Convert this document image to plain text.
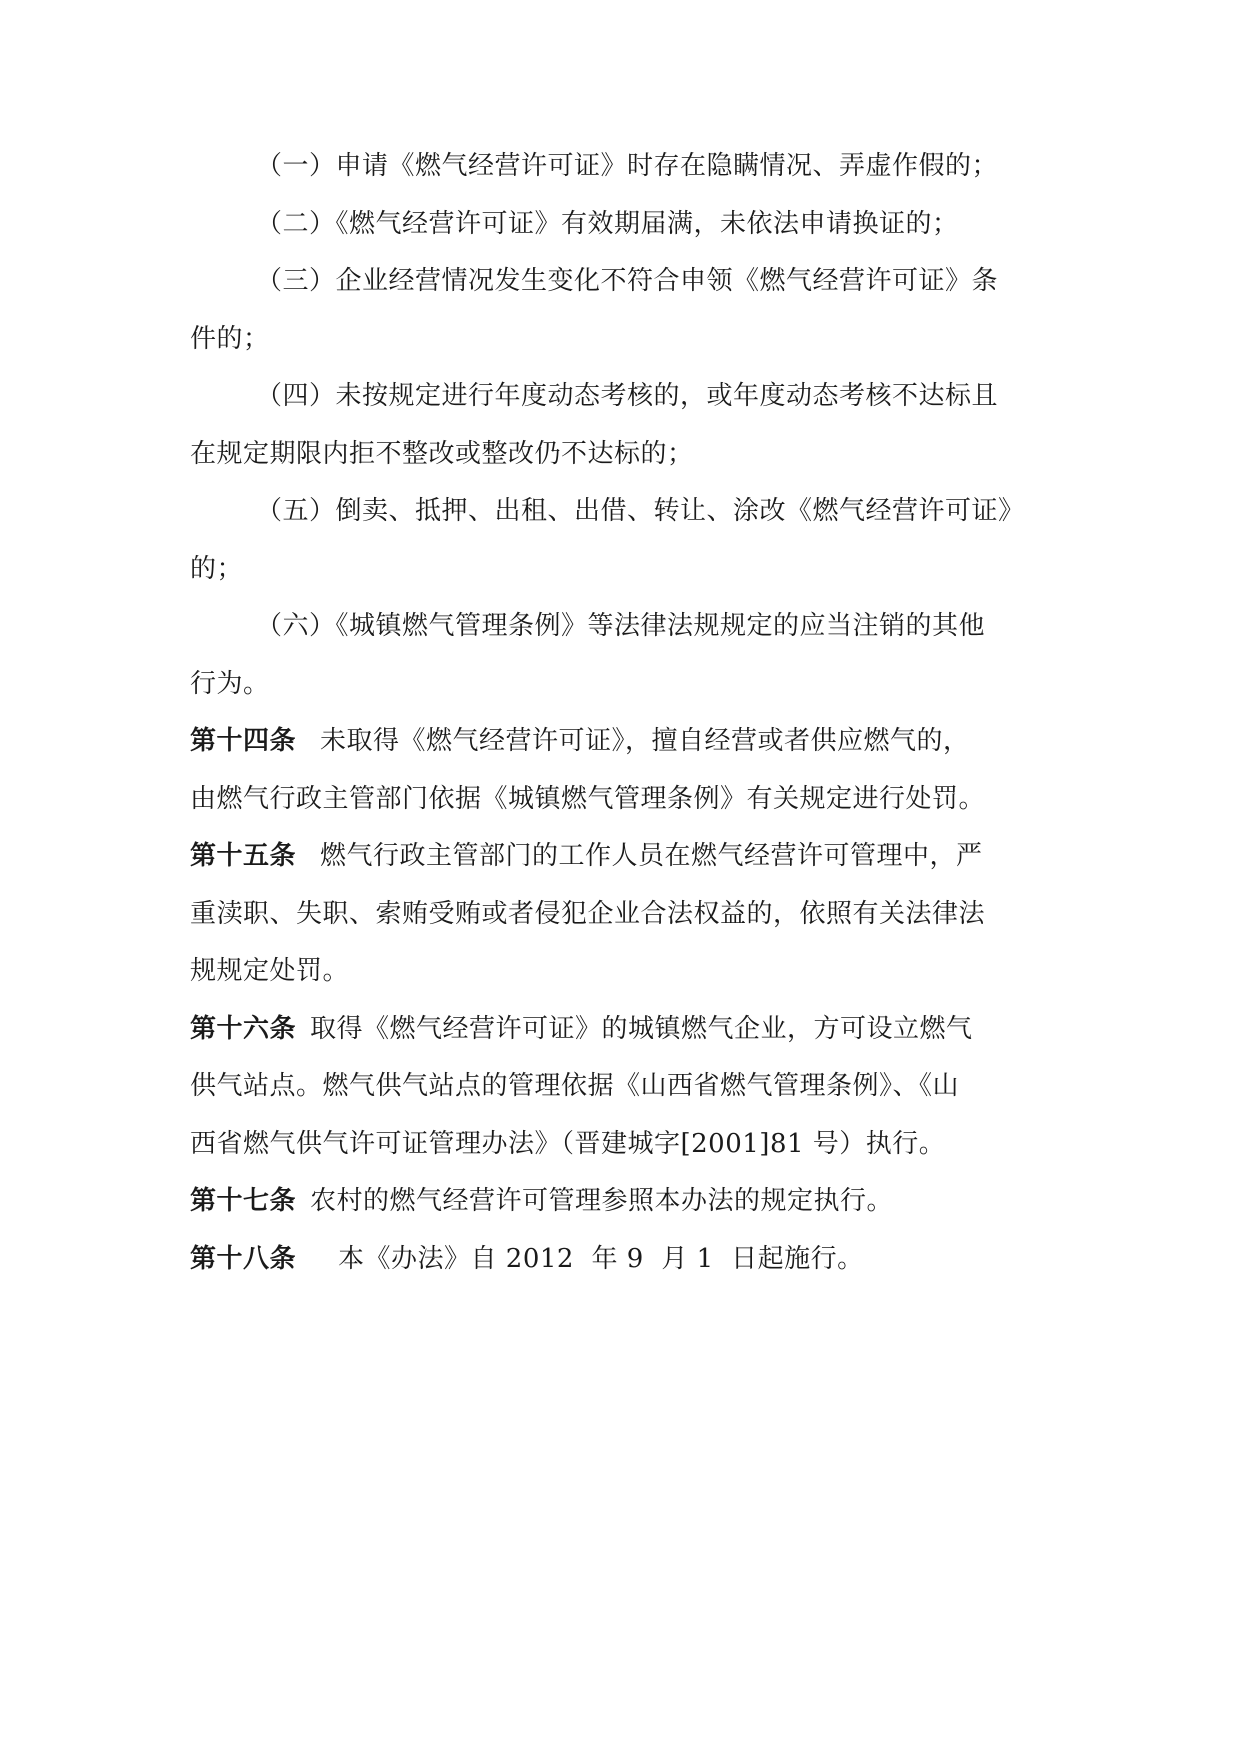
（一）申请《燃气经营许可证》时存在隐瞒情况、弄虚作假的；
（二）《燃气经营许可证》有效期届满，未依法申请换证的；
（三）企业经营情况发生变化不符合申领《燃气经营许可证》条
件的；
（四）未按规定进行年度动态考核的，或年度动态考核不达标且
在规定期限内拒不整改或整改仍不达标的；
（五）倒卖、抵押、出租、出借、转让、涂改《燃气经营许可证》
的；
（六）《城镇燃气管理条例》等法律法规规定的应当注销的其他
行为。
第十四条 未取得《燃气经营许可证》，擅自经营或者供应燃气的，
由燃气行政主管部门依据《城镇燃气管理条例》有关规定进行处罚。
第十五条 燃气行政主管部门的工作人员在燃气经营许可管理中，严
重渎职、失职、索贿受贿或者侵犯企业合法权益的，依照有关法律法
规规定处罚。
第十六条 取得《燃气经营许可证》的城镇燃气企业，方可设立燃气
供气站点。燃气供气站点的管理依据《山西省燃气管理条例》、《山
西省燃气供气许可证管理办法》（晋建城字[2001]81 号）执行。
第十七条 农村的燃气经营许可管理参照本办法的规定执行。
第十八条 本《办法》自 2012  年 9  月 1  日起施行。
